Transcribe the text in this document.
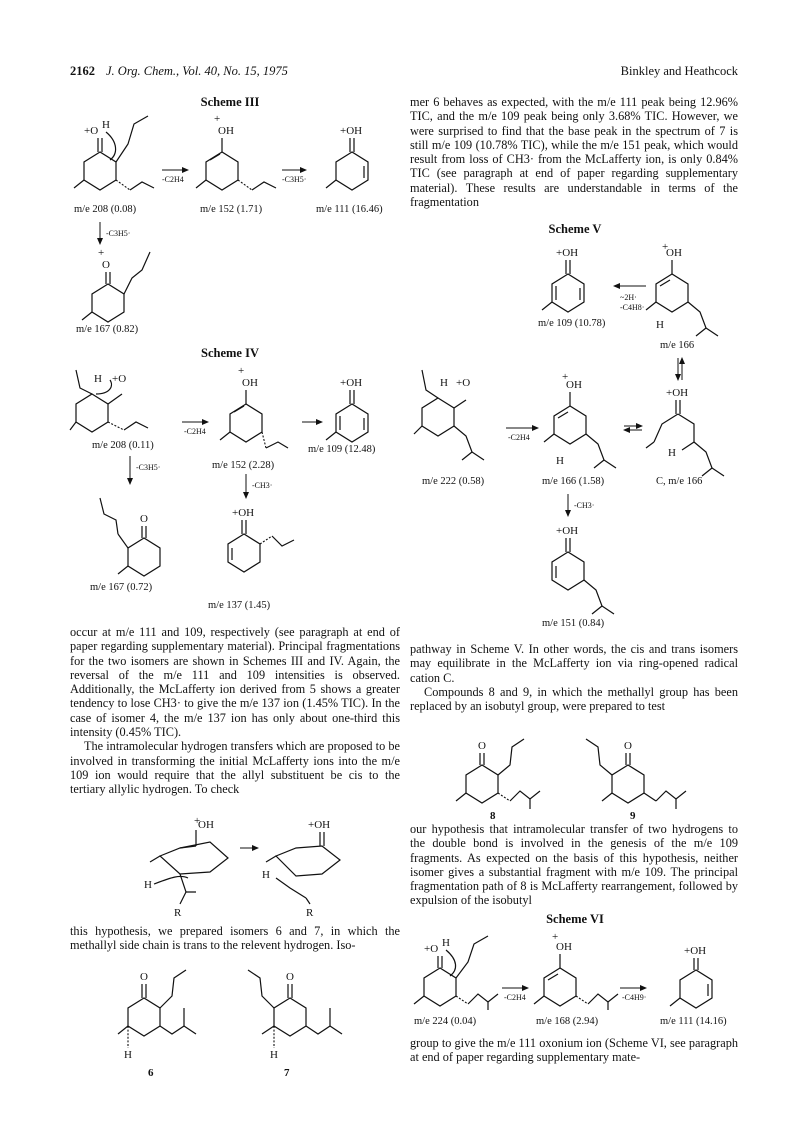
2162 J. Org. Chem., Vol. 40, No. 15, 1975	Binkley and Heathcock
Scheme III
+O H
m/e 208 (0.08)
-C2H4
+
OH
m/e 152 (1.71)
-C3H5·
+OH
m/e 111 (16.46)
-C3H5·
+
O
m/e 167 (0.82)
Scheme IV
H +O
m/e 208 (0.11)
-C2H4
+
OH
m/e 152 (2.28)
+OH
m/e 109 (12.48)
-C3H5·
-CH3·
O
m/e 167 (0.72)
+OH
m/e 137 (1.45)

occur at m/e 111 and 109, respectively (see paragraph at end of paper regarding supplementary material). Principal fragmentations for the two isomers are shown in Schemes III and IV. Again, the reversal of the m/e 111 and 109 intensities is observed. Additionally, the McLafferty ion derived from 5 shows a greater tendency to lose CH3· to give the m/e 137 ion (1.45% TIC). In the case of isomer 4, the m/e 137 ion has only about one-third this intensity (0.45% TIC).

The intramolecular hydrogen transfers which are proposed to be involved in transforming the initial McLafferty ions into the m/e 109 ion would require that the allyl substituent be cis to the tertiary allylic hydrogen. To check

+
OH
H
R
+OH
H
R

this hypothesis, we prepared isomers 6 and 7, in which the methallyl side chain is trans to the relevent hydrogen. Iso-

O
H
6
O
H
7

mer 6 behaves as expected, with the m/e 111 peak being 12.96% TIC, and the m/e 109 peak being only 3.68% TIC. However, we were surprised to find that the base peak in the spectrum of 7 is still m/e 109 (10.78% TIC), while the m/e 151 peak, which would result from loss of CH3· from the McLafferty ion, is only 0.84% TIC (see paragraph at end of paper regarding supplementary material). These results are understandable in terms of the fragmentation

Scheme V
+OH
m/e 109 (10.78)
~2H·
-C4H8·
+
OH
H
m/e 166
H +O
m/e 222 (0.58)
-C2H4
+
OH
H
m/e 166 (1.58)
+OH
H
C, m/e 166
-CH3·
+OH
m/e 151 (0.84)

pathway in Scheme V. In other words, the cis and trans isomers may equilibrate in the McLafferty ion via ring-opened radical cation C.

Compounds 8 and 9, in which the methallyl group has been replaced by an isobutyl group, were prepared to test

O
8
O
9

our hypothesis that intramolecular transfer of two hydrogens to the double bond is involved in the genesis of the m/e 109 fragments. As expected on the basis of this hypothesis, neither isomer gives a substantial fragment with m/e 109. The principal fragmentation path of 8 is McLafferty rearrangement, followed by expulsion of the isobutyl

Scheme VI
+O H
m/e 224 (0.04)
-C2H4
+
OH
m/e 168 (2.94)
-C4H9·
+OH
m/e 111 (14.16)

group to give the m/e 111 oxonium ion (Scheme VI, see paragraph at end of paper regarding supplementary mate-
